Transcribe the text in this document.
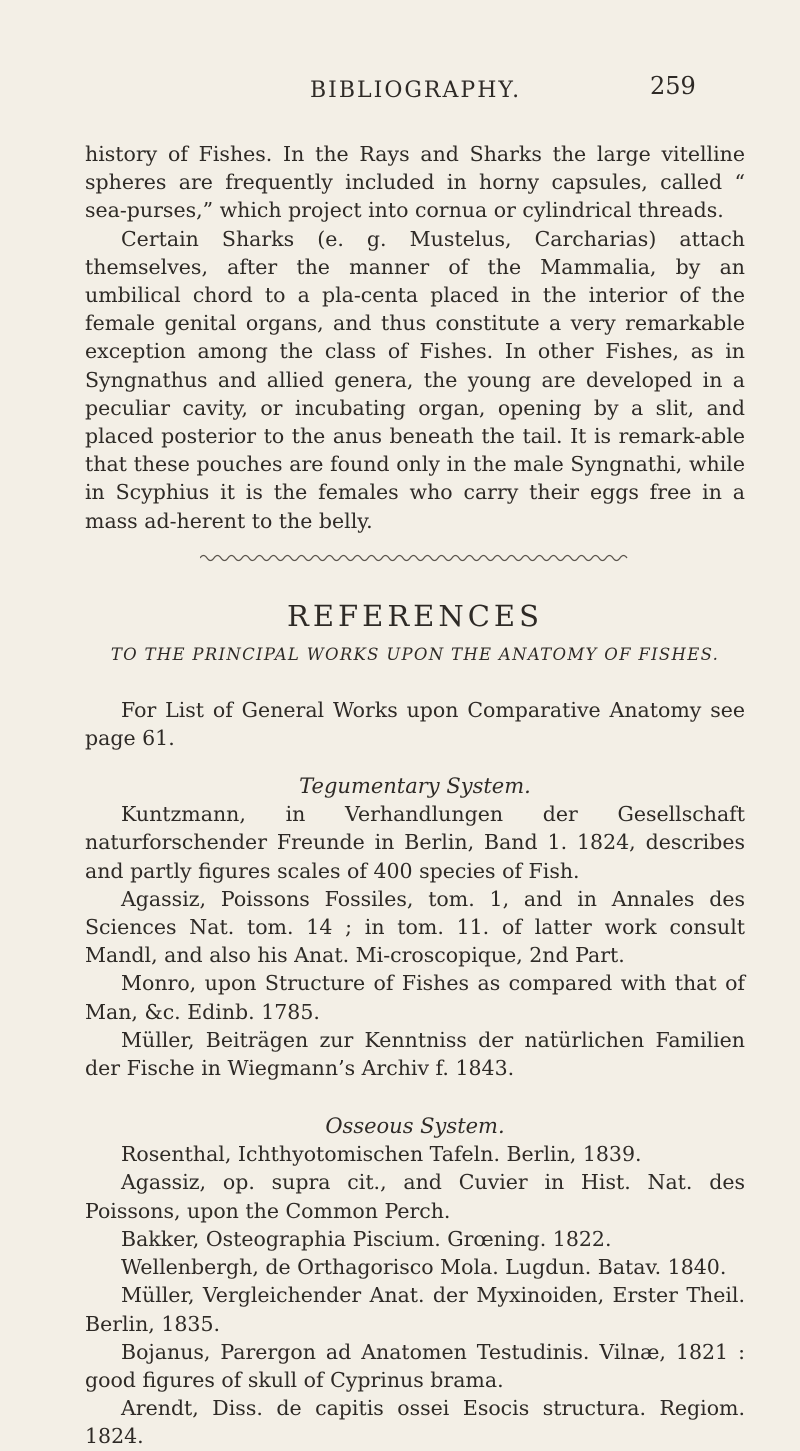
BIBLIOGRAPHY.	259

history of Fishes. In the Rays and Sharks the large vitelline spheres are frequently included in horny capsules, called “ sea-purses,” which project into cornua or cylindrical threads.

Certain Sharks (e. g. Mustelus, Carcharias) attach themselves, after the manner of the Mammalia, by an umbilical chord to a pla-centa placed in the interior of the female genital organs, and thus constitute a very remarkable exception among the class of Fishes. In other Fishes, as in Syngnathus and allied genera, the young are developed in a peculiar cavity, or incubating organ, opening by a slit, and placed posterior to the anus beneath the tail. It is remark-able that these pouches are found only in the male Syngnathi, while in Scyphius it is the females who carry their eggs free in a mass ad-herent to the belly.

REFERENCES
TO THE PRINCIPAL WORKS UPON THE ANATOMY OF FISHES.

For List of General Works upon Comparative Anatomy see page 61.

Tegumentary System.

Kuntzmann, in Verhandlungen der Gesellschaft naturforschender Freunde in Berlin, Band 1. 1824, describes and partly figures scales of 400 species of Fish.

Agassiz, Poissons Fossiles, tom. 1, and in Annales des Sciences Nat. tom. 14 ; in tom. 11. of latter work consult Mandl, and also his Anat. Mi-croscopique, 2nd Part.

Monro, upon Structure of Fishes as compared with that of Man, &c. Edinb. 1785.

Müller, Beiträgen zur Kenntniss der natürlichen Familien der Fische in Wiegmann’s Archiv f. 1843.

Osseous System.

Rosenthal, Ichthyotomischen Tafeln. Berlin, 1839.

Agassiz, op. supra cit., and Cuvier in Hist. Nat. des Poissons, upon the Common Perch.

Bakker, Osteographia Piscium. Grœning. 1822.

Wellenbergh, de Orthagorisco Mola. Lugdun. Batav. 1840.

Müller, Vergleichender Anat. der Myxinoiden, Erster Theil. Berlin, 1835.

Bojanus, Parergon ad Anatomen Testudinis. Vilnæ, 1821 : good figures of skull of Cyprinus brama.

Arendt, Diss. de capitis ossei Esocis structura. Regiom. 1824.
